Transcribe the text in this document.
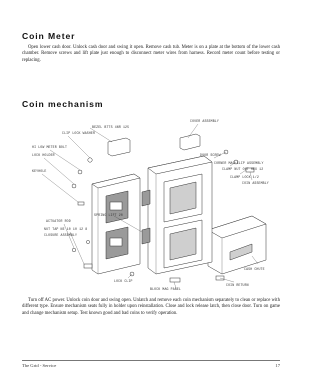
Coin Meter

Open lower cash door. Unlock cash door and swing it open. Remove cash tub. Meter is on a plate at the bottom of the lower cash chamber. Remove screws and lift plate just enough to disconnect meter wires from harness. Record meter count before testing or replacing.

Coin mechanism
BEZEL BTTS 4NR 125
CLIP LOCK WASHER
HI LOW METER BOLT
LOCK HOLDER
KEYHOLE
COVER ASSEMBLY
DOOR SCREW
CORNER MAG CLIP ASSEMBLY
CLAMP NUT OUT HEX 12
CLAMP LOCK 1/2
COIN ASSEMBLY
SPRING LIFT 20
ACTUATOR ROD
NUT TAP NE 10 10 12 8
CLOSURE ASSEMBLY
LOCK CLIP
BLOCK MAG PANEL
COIN RETURN
CASH CHUTE

Turn off AC power. Unlock coin door and swing open. Unlatch and remove each coin mechanism separately to clean or replace with different type. Ensure mechanism seats fully in holder upon reinstallation. Close and lock release latch, then close door. Turn on game and change mechanism setup. Test known good and bad coins to verify operation.

The Grid - Service	17
